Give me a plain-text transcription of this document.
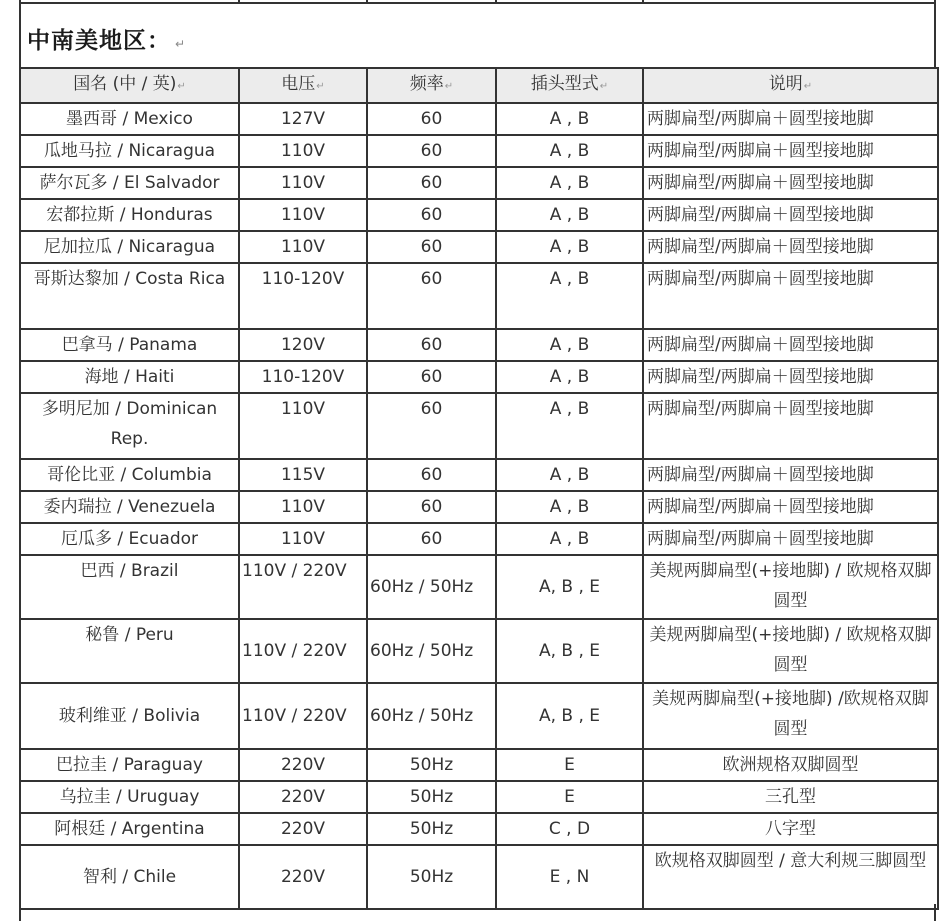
中南美地区： ↵
国名 (中 / 英)↵	电压↵	频率↵	插头型式↵	说明↵
墨西哥 / Mexico	127V	60	A , B	两脚扁型/两脚扁＋圆型接地脚
瓜地马拉 / Nicaragua	110V	60	A , B	两脚扁型/两脚扁＋圆型接地脚
萨尔瓦多 / El Salvador	110V	60	A , B	两脚扁型/两脚扁＋圆型接地脚
宏都拉斯 / Honduras	110V	60	A , B	两脚扁型/两脚扁＋圆型接地脚
尼加拉瓜 / Nicaragua	110V	60	A , B	两脚扁型/两脚扁＋圆型接地脚
哥斯达黎加 / Costa Rica	110-120V	60	A , B	两脚扁型/两脚扁＋圆型接地脚
巴拿马 / Panama	120V	60	A , B	两脚扁型/两脚扁＋圆型接地脚
海地 / Haiti	110-120V	60	A , B	两脚扁型/两脚扁＋圆型接地脚
多明尼加 / Dominican Rep.	110V	60	A , B	两脚扁型/两脚扁＋圆型接地脚
哥伦比亚 / Columbia	115V	60	A , B	两脚扁型/两脚扁＋圆型接地脚
委内瑞拉 / Venezuela	110V	60	A , B	两脚扁型/两脚扁＋圆型接地脚
厄瓜多 / Ecuador	110V	60	A , B	两脚扁型/两脚扁＋圆型接地脚
巴西 / Brazil	110V / 220V	60Hz / 50Hz	A, B , E	美规两脚扁型(+接地脚) / 欧规格双脚圆型
秘鲁 / Peru	110V / 220V	60Hz / 50Hz	A, B , E	美规两脚扁型(+接地脚) / 欧规格双脚圆型
玻利维亚 / Bolivia	110V / 220V	60Hz / 50Hz	A, B , E	美规两脚扁型(+接地脚) /欧规格双脚圆型
巴拉圭 / Paraguay	220V	50Hz	E	欧洲规格双脚圆型
乌拉圭 / Uruguay	220V	50Hz	E	三孔型
阿根廷 / Argentina	220V	50Hz	C , D	八字型
智利 / Chile	220V	50Hz	E , N	欧规格双脚圆型 / 意大利规三脚圆型
